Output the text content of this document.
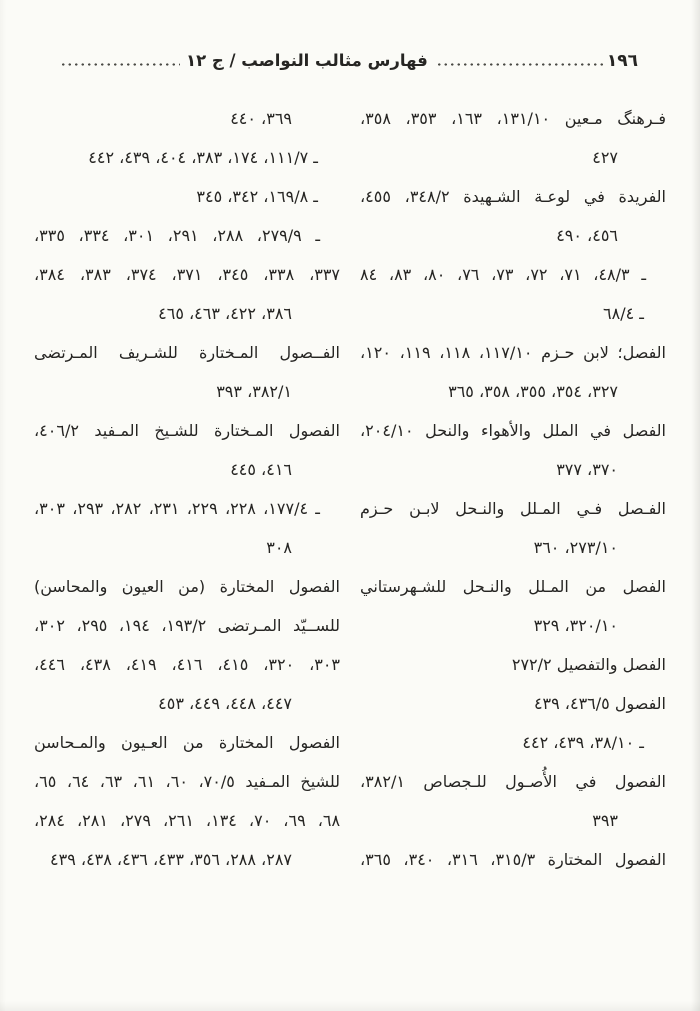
١٩٦
فهارس مثالب النواصب / ج ١٢
فـرهنگ مـعين ١٣١/١٠، ١٦٣، ٣٥٣، ٣٥٨،
٤٢٧
الفريدة في لوعـة الشـهيدة ٣٤٨/٢، ٤٥٥،
٤٥٦، ٤٩٠
ـ ٤٨/٣، ٧١، ٧٢، ٧٣، ٧٦، ٨٠، ٨٣، ٨٤
ـ ٦٨/٤
الفصل؛ لابن حـزم ١١٧/١٠، ١١٨، ١١٩، ١٢٠،
٣٢٧، ٣٥٤، ٣٥٥، ٣٥٨، ٣٦٥
الفصل في الملل والأهواء والنحل ٢٠٤/١٠،
٣٧٠، ٣٧٧
الفـصل فـي المـلل والنـحل لابـن حـزم
٢٧٣/١٠، ٣٦٠
الفصل من المـلل والنـحل للشـهرستاني
٣٢٠/١٠، ٣٢٩
الفصل والتفصيل ٢٧٢/٢
الفصول ٤٣٦/٥، ٤٣٩
ـ ٣٨/١٠، ٤٣٩، ٤٤٢
الفصول في الأُصـول للـجصاص ٣٨٢/١،
٣٩٣
الفصول المختارة ٣١٥/٣، ٣١٦، ٣٤٠، ٣٦٥،
٣٦٩، ٤٤٠
ـ ١١١/٧، ١٧٤، ٣٨٣، ٤٠٤، ٤٣٩، ٤٤٢
ـ ١٦٩/٨، ٣٤٢، ٣٤٥
ـ ٢٧٩/٩، ٢٨٨، ٢٩١، ٣٠١، ٣٣٤، ٣٣٥،
٣٣٧، ٣٣٨، ٣٤٥، ٣٧١، ٣٧٤، ٣٨٣، ٣٨٤،
٣٨٦، ٤٢٢، ٤٦٣، ٤٦٥
الفــصول المـختارة للشـريف المـرتضى
٣٨٢/١، ٣٩٣
الفصول المـختارة للشـيخ المـفيد ٤٠٦/٢،
٤١٦، ٤٤٥
ـ ١٧٧/٤، ٢٢٨، ٢٢٩، ٢٣١، ٢٨٢، ٢٩٣، ٣٠٣،
٣٠٨
الفصول المختارة (من العيون والمحاسن)
للســيّد المـرتضى ١٩٣/٢، ١٩٤، ٢٩٥، ٣٠٢،
٣٠٣، ٣٢٠، ٤١٥، ٤١٦، ٤١٩، ٤٣٨، ٤٤٦،
٤٤٧، ٤٤٨، ٤٤٩، ٤٥٣
الفصول المختارة من العـيون والمـحاسن
للشيخ المـفيد ٧٠/٥، ٦٠، ٦١، ٦٣، ٦٤، ٦٥،
٦٨، ٦٩، ٧٠، ١٣٤، ٢٦١، ٢٧٩، ٢٨١، ٢٨٤،
٢٨٧، ٢٨٨، ٣٥٦، ٤٣٣، ٤٣٦، ٤٣٨، ٤٣٩
